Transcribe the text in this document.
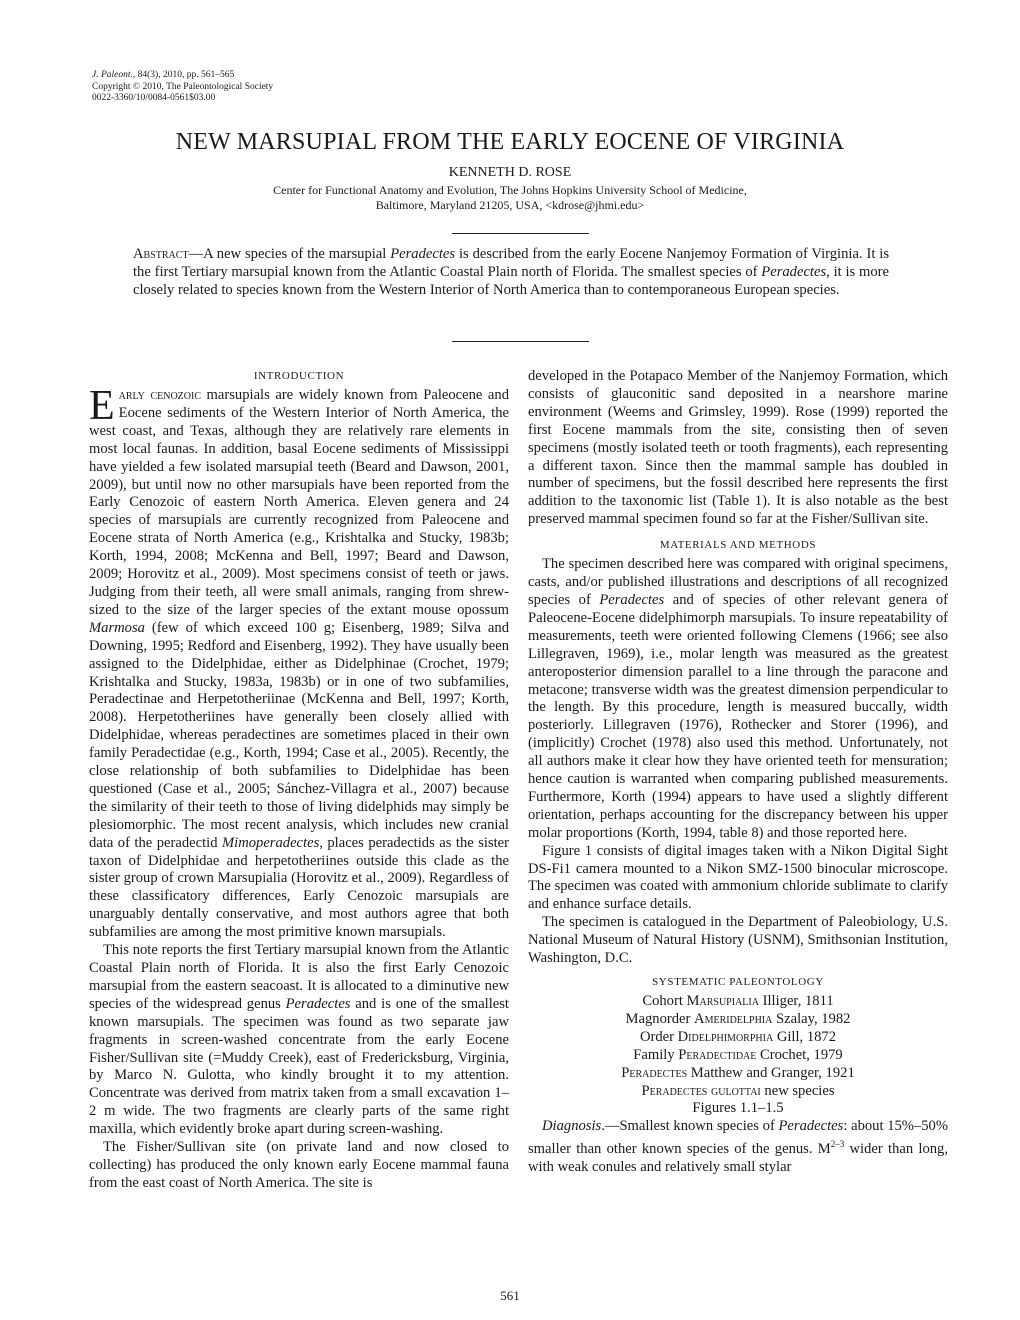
J. Paleont., 84(3), 2010, pp. 561–565
Copyright © 2010, The Paleontological Society
0022-3360/10/0084-0561$03.00
NEW MARSUPIAL FROM THE EARLY EOCENE OF VIRGINIA
KENNETH D. ROSE
Center for Functional Anatomy and Evolution, The Johns Hopkins University School of Medicine,
Baltimore, Maryland 21205, USA, <kdrose@jhmi.edu>
Abstract—A new species of the marsupial Peradectes is described from the early Eocene Nanjemoy Formation of Virginia. It is the first Tertiary marsupial known from the Atlantic Coastal Plain north of Florida. The smallest species of Peradectes, it is more closely related to species known from the Western Interior of North America than to contemporaneous European species.
INTRODUCTION

Early cenozoic marsupials are widely known from Paleocene and Eocene sediments of the Western Interior of North America, the west coast, and Texas, although they are relatively rare elements in most local faunas. In addition, basal Eocene sediments of Mississippi have yielded a few isolated marsupial teeth (Beard and Dawson, 2001, 2009), but until now no other marsupials have been reported from the Early Cenozoic of eastern North America. Eleven genera and 24 species of marsupials are currently recognized from Paleocene and Eocene strata of North America (e.g., Krishtalka and Stucky, 1983b; Korth, 1994, 2008; McKenna and Bell, 1997; Beard and Dawson, 2009; Horovitz et al., 2009). Most specimens consist of teeth or jaws. Judging from their teeth, all were small animals, ranging from shrew-sized to the size of the larger species of the extant mouse opossum Marmosa (few of which exceed 100 g; Eisenberg, 1989; Silva and Downing, 1995; Redford and Eisenberg, 1992). They have usually been assigned to the Didelphidae, either as Didelphinae (Crochet, 1979; Krishtalka and Stucky, 1983a, 1983b) or in one of two subfamilies, Peradectinae and Herpetotheriinae (McKenna and Bell, 1997; Korth, 2008). Herpetotheriines have generally been closely allied with Didelphidae, whereas peradectines are sometimes placed in their own family Peradectidae (e.g., Korth, 1994; Case et al., 2005). Recently, the close relationship of both subfamilies to Didelphidae has been questioned (Case et al., 2005; Sánchez-Villagra et al., 2007) because the similarity of their teeth to those of living didelphids may simply be plesiomorphic. The most recent analysis, which includes new cranial data of the peradectid Mimoperadectes, places peradectids as the sister taxon of Didelphidae and herpetotheriines outside this clade as the sister group of crown Marsupialia (Horovitz et al., 2009). Regardless of these classificatory differences, Early Cenozoic marsupials are unarguably dentally conservative, and most authors agree that both subfamilies are among the most primitive known marsupials.

This note reports the first Tertiary marsupial known from the Atlantic Coastal Plain north of Florida. It is also the first Early Cenozoic marsupial from the eastern seacoast. It is allocated to a diminutive new species of the widespread genus Peradectes and is one of the smallest known marsupials. The specimen was found as two separate jaw fragments in screen-washed concentrate from the early Eocene Fisher/Sullivan site (=Muddy Creek), east of Fredericksburg, Virginia, by Marco N. Gulotta, who kindly brought it to my attention. Concentrate was derived from matrix taken from a small excavation 1–2 m wide. The two fragments are clearly parts of the same right maxilla, which evidently broke apart during screen-washing.

The Fisher/Sullivan site (on private land and now closed to collecting) has produced the only known early Eocene mammal fauna from the east coast of North America. The site is

developed in the Potapaco Member of the Nanjemoy Formation, which consists of glauconitic sand deposited in a nearshore marine environment (Weems and Grimsley, 1999). Rose (1999) reported the first Eocene mammals from the site, consisting then of seven specimens (mostly isolated teeth or tooth fragments), each representing a different taxon. Since then the mammal sample has doubled in number of specimens, but the fossil described here represents the first addition to the taxonomic list (Table 1). It is also notable as the best preserved mammal specimen found so far at the Fisher/Sullivan site.

MATERIALS AND METHODS

The specimen described here was compared with original specimens, casts, and/or published illustrations and descriptions of all recognized species of Peradectes and of species of other relevant genera of Paleocene-Eocene didelphimorph marsupials. To insure repeatability of measurements, teeth were oriented following Clemens (1966; see also Lillegraven, 1969), i.e., molar length was measured as the greatest anteroposterior dimension parallel to a line through the paracone and metacone; transverse width was the greatest dimension perpendicular to the length. By this procedure, length is measured buccally, width posteriorly. Lillegraven (1976), Rothecker and Storer (1996), and (implicitly) Crochet (1978) also used this method. Unfortunately, not all authors make it clear how they have oriented teeth for mensuration; hence caution is warranted when comparing published measurements. Furthermore, Korth (1994) appears to have used a slightly different orientation, perhaps accounting for the discrepancy between his upper molar proportions (Korth, 1994, table 8) and those reported here.

Figure 1 consists of digital images taken with a Nikon Digital Sight DS-Fi1 camera mounted to a Nikon SMZ-1500 binocular microscope. The specimen was coated with ammonium chloride sublimate to clarify and enhance surface details.

The specimen is catalogued in the Department of Paleobiology, U.S. National Museum of Natural History (USNM), Smithsonian Institution, Washington, D.C.

SYSTEMATIC PALEONTOLOGY
Cohort Marsupialia Illiger, 1811
Magnorder Ameridelphia Szalay, 1982
Order Didelphimorphia Gill, 1872
Family Peradectidae Crochet, 1979
Peradectes Matthew and Granger, 1921
Peradectes gulottai new species
Figures 1.1–1.5

Diagnosis.—Smallest known species of Peradectes: about 15%–50% smaller than other known species of the genus. $M^{2-3}$ wider than long, with weak conules and relatively small stylar

561
